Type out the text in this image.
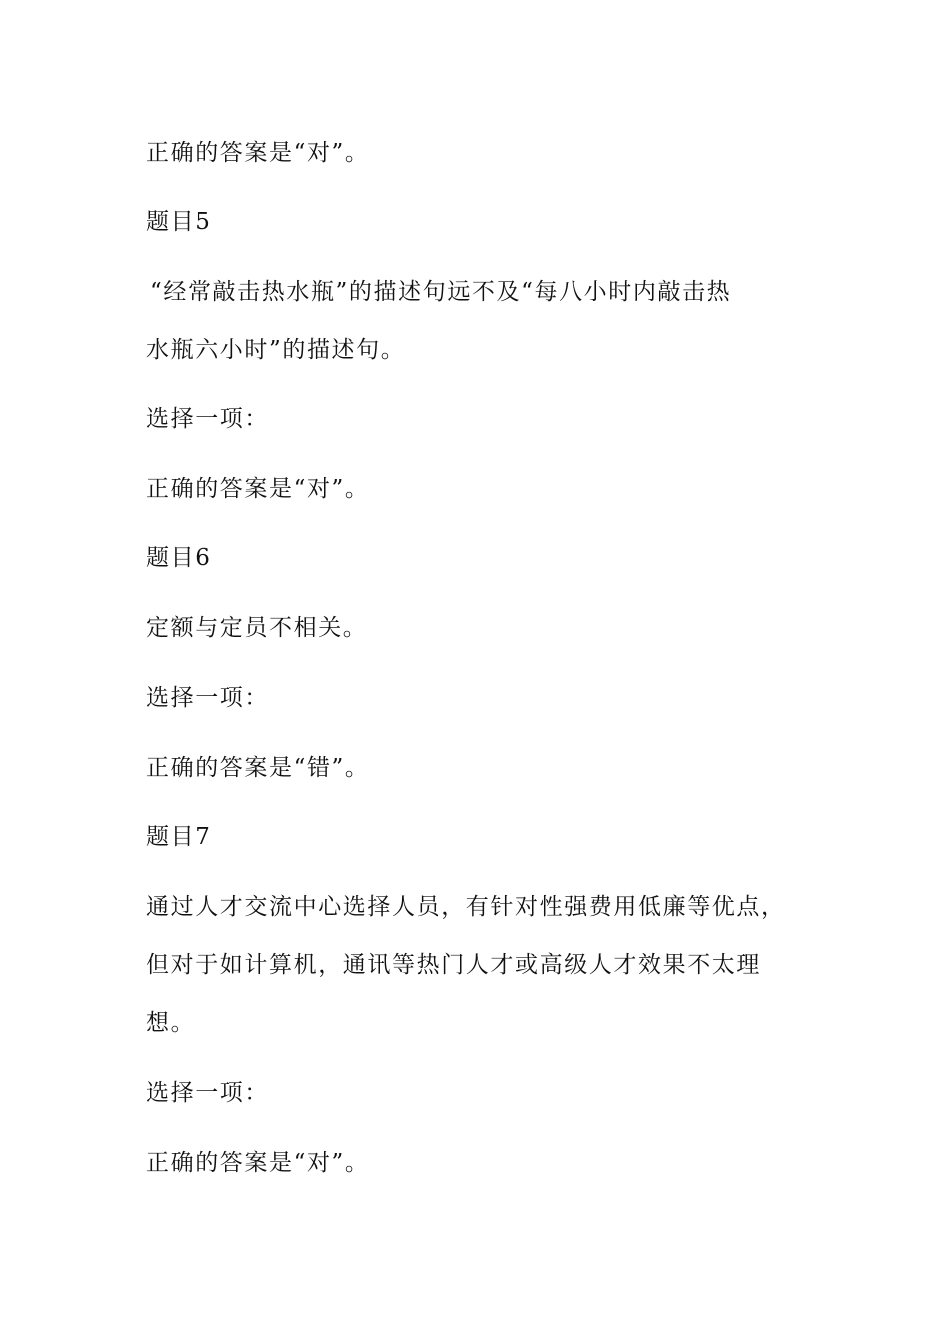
正确的答案是“对”。

题目5

“经常敲击热水瓶”的描述句远不及“每八小时内敲击热

水瓶六小时”的描述句。

选择一项：

正确的答案是“对”。

题目6

定额与定员不相关。

选择一项：

正确的答案是“错”。

题目7

通过人才交流中心选择人员，有针对性强费用低廉等优点，

但对于如计算机，通讯等热门人才或高级人才效果不太理

想。

选择一项：

正确的答案是“对”。
